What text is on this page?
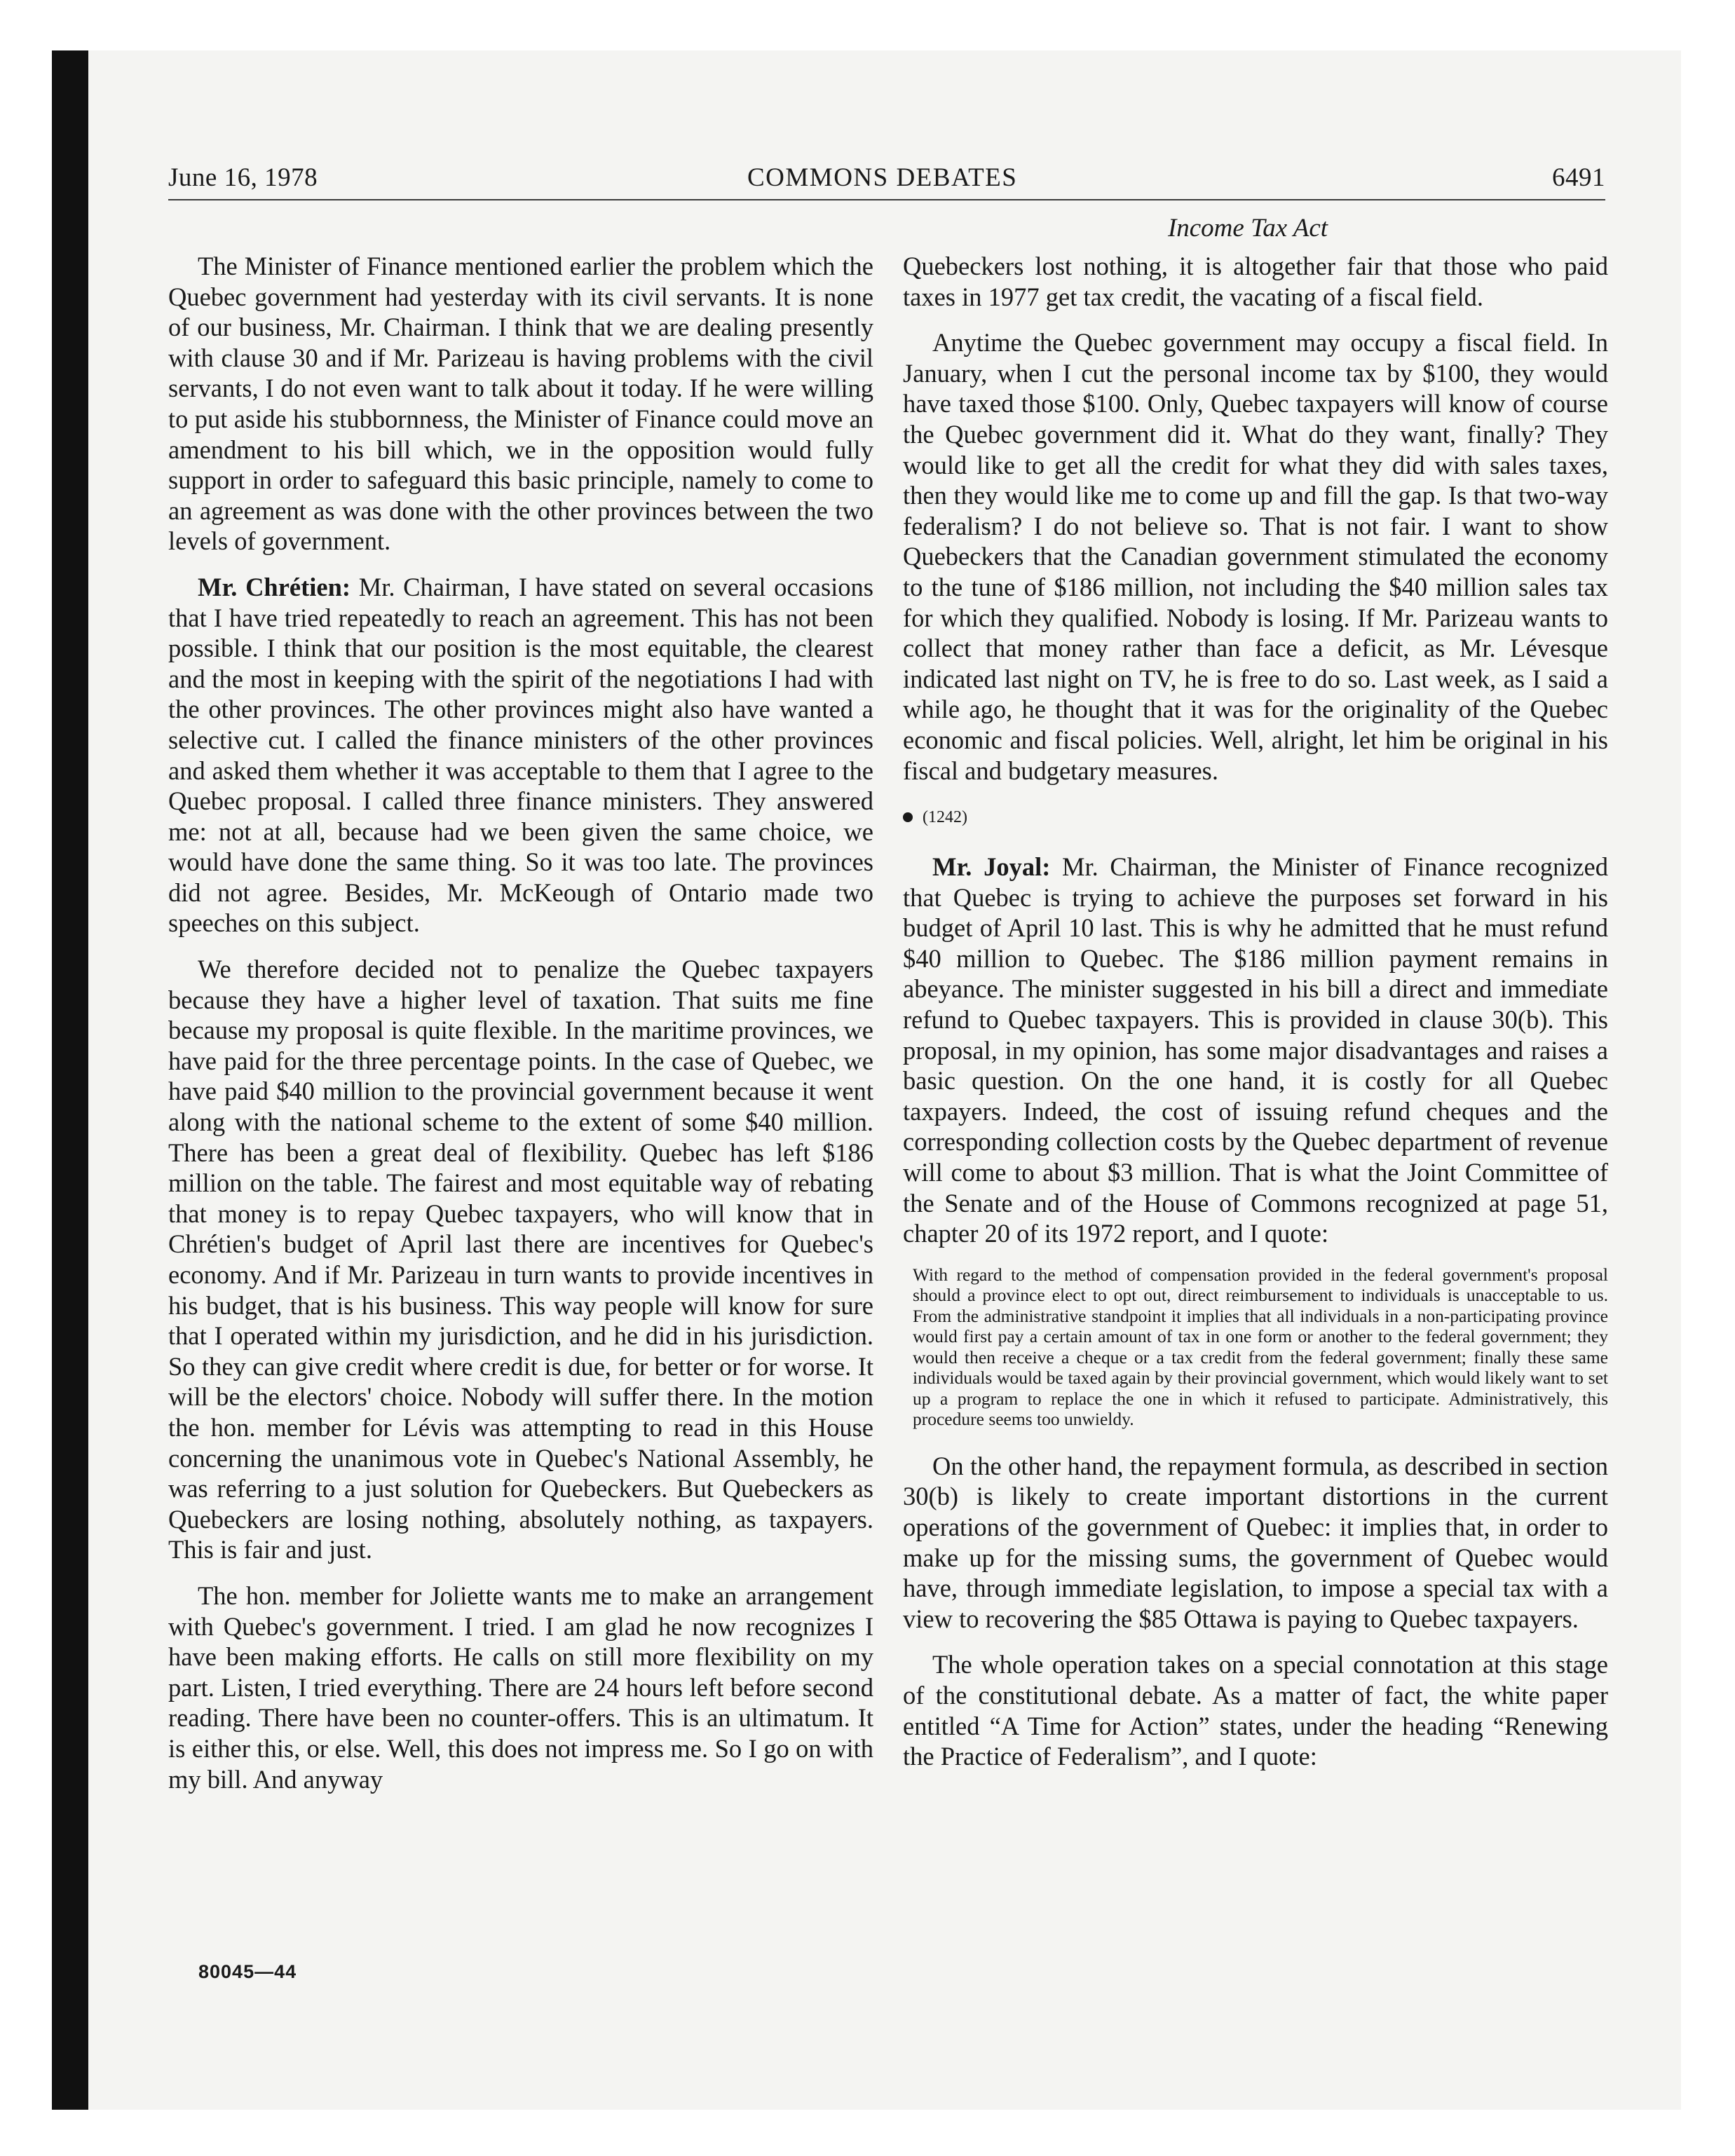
June 16, 1978	COMMONS DEBATES	6491
Income Tax Act

The Minister of Finance mentioned earlier the problem which the Quebec government had yesterday with its civil servants. It is none of our business, Mr. Chairman. I think that we are dealing presently with clause 30 and if Mr. Parizeau is having problems with the civil servants, I do not even want to talk about it today. If he were willing to put aside his stubbornness, the Minister of Finance could move an amendment to his bill which, we in the opposition would fully support in order to safeguard this basic principle, namely to come to an agreement as was done with the other provinces between the two levels of government.

Mr. Chrétien: Mr. Chairman, I have stated on several occasions that I have tried repeatedly to reach an agreement. This has not been possible. I think that our position is the most equitable, the clearest and the most in keeping with the spirit of the negotiations I had with the other provinces. The other provinces might also have wanted a selective cut. I called the finance ministers of the other provinces and asked them whether it was acceptable to them that I agree to the Quebec proposal. I called three finance ministers. They answered me: not at all, because had we been given the same choice, we would have done the same thing. So it was too late. The provinces did not agree. Besides, Mr. McKeough of Ontario made two speeches on this subject.

We therefore decided not to penalize the Quebec taxpayers because they have a higher level of taxation. That suits me fine because my proposal is quite flexible. In the maritime provinces, we have paid for the three percentage points. In the case of Quebec, we have paid $40 million to the provincial government because it went along with the national scheme to the extent of some $40 million. There has been a great deal of flexibility. Quebec has left $186 million on the table. The fairest and most equitable way of rebating that money is to repay Quebec taxpayers, who will know that in Chrétien's budget of April last there are incentives for Quebec's economy. And if Mr. Parizeau in turn wants to provide incentives in his budget, that is his business. This way people will know for sure that I operated within my jurisdiction, and he did in his jurisdiction. So they can give credit where credit is due, for better or for worse. It will be the electors' choice. Nobody will suffer there. In the motion the hon. member for Lévis was attempting to read in this House concerning the unanimous vote in Quebec's National Assembly, he was referring to a just solution for Quebeckers. But Quebeckers as Quebeckers are losing nothing, absolutely nothing, as taxpayers. This is fair and just.

The hon. member for Joliette wants me to make an arrangement with Quebec's government. I tried. I am glad he now recognizes I have been making efforts. He calls on still more flexibility on my part. Listen, I tried everything. There are 24 hours left before second reading. There have been no counter-offers. This is an ultimatum. It is either this, or else. Well, this does not impress me. So I go on with my bill. And anyway

Quebeckers lost nothing, it is altogether fair that those who paid taxes in 1977 get tax credit, the vacating of a fiscal field.

Anytime the Quebec government may occupy a fiscal field. In January, when I cut the personal income tax by $100, they would have taxed those $100. Only, Quebec taxpayers will know of course the Quebec government did it. What do they want, finally? They would like to get all the credit for what they did with sales taxes, then they would like me to come up and fill the gap. Is that two-way federalism? I do not believe so. That is not fair. I want to show Quebeckers that the Canadian government stimulated the economy to the tune of $186 million, not including the $40 million sales tax for which they qualified. Nobody is losing. If Mr. Parizeau wants to collect that money rather than face a deficit, as Mr. Lévesque indicated last night on TV, he is free to do so. Last week, as I said a while ago, he thought that it was for the originality of the Quebec economic and fiscal policies. Well, alright, let him be original in his fiscal and budgetary measures.

(1242)

Mr. Joyal: Mr. Chairman, the Minister of Finance recognized that Quebec is trying to achieve the purposes set forward in his budget of April 10 last. This is why he admitted that he must refund $40 million to Quebec. The $186 million payment remains in abeyance. The minister suggested in his bill a direct and immediate refund to Quebec taxpayers. This is provided in clause 30(b). This proposal, in my opinion, has some major disadvantages and raises a basic question. On the one hand, it is costly for all Quebec taxpayers. Indeed, the cost of issuing refund cheques and the corresponding collection costs by the Quebec department of revenue will come to about $3 million. That is what the Joint Committee of the Senate and of the House of Commons recognized at page 51, chapter 20 of its 1972 report, and I quote:

With regard to the method of compensation provided in the federal government's proposal should a province elect to opt out, direct reimbursement to individuals is unacceptable to us. From the administrative standpoint it implies that all individuals in a non-participating province would first pay a certain amount of tax in one form or another to the federal government; they would then receive a cheque or a tax credit from the federal government; finally these same individuals would be taxed again by their provincial government, which would likely want to set up a program to replace the one in which it refused to participate. Administratively, this procedure seems too unwieldy.

On the other hand, the repayment formula, as described in section 30(b) is likely to create important distortions in the current operations of the government of Quebec: it implies that, in order to make up for the missing sums, the government of Quebec would have, through immediate legislation, to impose a special tax with a view to recovering the $85 Ottawa is paying to Quebec taxpayers.

The whole operation takes on a special connotation at this stage of the constitutional debate. As a matter of fact, the white paper entitled “A Time for Action” states, under the heading “Renewing the Practice of Federalism”, and I quote:

80045—44
